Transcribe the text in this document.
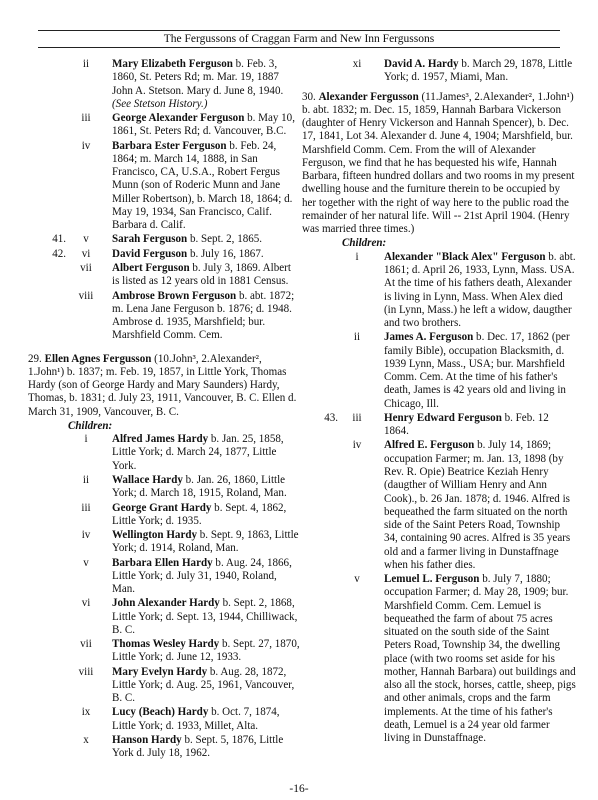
The Fergussons of Craggan Farm and New Inn Fergussons
ii	Mary Elizabeth Ferguson b. Feb. 3, 1860, St. Peters Rd; m. Mar. 19, 1887 John A. Stetson. Mary d. June 8, 1940.
(See Stetson History.)
iii	George Alexander Ferguson b. May 10, 1861, St. Peters Rd; d. Vancouver, B.C.
iv	Barbara Ester Ferguson b. Feb. 24, 1864; m. March 14, 1888, in San Francisco, CA, U.S.A., Robert Fergus Munn (son of Roderic Munn and Jane Miller Robertson), b. March 18, 1864; d. May 19, 1934, San Francisco, Calif. Barbara d. Calif.
41.	v	Sarah Ferguson b. Sept. 2, 1865.
42.	vi	David Ferguson b. July 16, 1867.
vii	Albert Ferguson b. July 3, 1869. Albert is listed as 12 years old in 1881 Census.
viii	Ambrose Brown Ferguson b. abt. 1872; m. Lena Jane Ferguson b. 1876; d. 1948. Ambrose d. 1935, Marshfield; bur. Marshfield Comm. Cem.
29. Ellen Agnes Fergusson (10.John³, 2.Alexander², 1.John¹) b. 1837; m. Feb. 19, 1857, in Little York, Thomas Hardy (son of George Hardy and Mary Saunders) Hardy, Thomas, b. 1831; d. July 23, 1911, Vancouver, B. C. Ellen d. March 31, 1909, Vancouver, B. C.
Children:
i	Alfred James Hardy b. Jan. 25, 1858, Little York; d. March 24, 1877, Little York.
ii	Wallace Hardy b. Jan. 26, 1860, Little York; d. March 18, 1915, Roland, Man.
iii	George Grant Hardy b. Sept. 4, 1862, Little York; d. 1935.
iv	Wellington Hardy b. Sept. 9, 1863, Little York; d. 1914, Roland, Man.
v	Barbara Ellen Hardy b. Aug. 24, 1866, Little York; d. July 31, 1940, Roland, Man.
vi	John Alexander Hardy b. Sept. 2, 1868, Little York; d. Sept. 13, 1944, Chilliwack, B. C.
vii	Thomas Wesley Hardy b. Sept. 27, 1870, Little York; d. June 12, 1933.
viii	Mary Evelyn Hardy b. Aug. 28, 1872, Little York; d. Aug. 25, 1961, Vancouver, B. C.
ix	Lucy (Beach) Hardy b. Oct. 7, 1874, Little York; d. 1933, Millet, Alta.
x	Hanson Hardy b. Sept. 5, 1876, Little York d. July 18, 1962.
xi	David A. Hardy b. March 29, 1878, Little York; d. 1957, Miami, Man.
30. Alexander Fergusson (11.James³, 2.Alexander², 1.John¹) b. abt. 1832; m. Dec. 15, 1859, Hannah Barbara Vickerson (daughter of Henry Vickerson and Hannah Spencer), b. Dec. 17, 1841, Lot 34. Alexander d. June 4, 1904; Marshfield, bur. Marshfield Comm. Cem. From the will of Alexander Ferguson, we find that he has bequested his wife, Hannah Barbara, fifteen hundred dollars and two rooms in my present dwelling house and the furniture therein to be occupied by her together with the right of way here to the public road the remainder of her natural life. Will -- 21st April 1904. (Henry was married three times.)
Children:
i	Alexander "Black Alex" Ferguson b. abt. 1861; d. April 26, 1933, Lynn, Mass. USA. At the time of his fathers death, Alexander is living in Lynn, Mass. When Alex died (in Lynn, Mass.) he left a widow, daugther and two brothers.
ii	James A. Ferguson b. Dec. 17, 1862 (per family Bible), occupation Blacksmith, d. 1939 Lynn, Mass., USA; bur. Marshfield Comm. Cem. At the time of his father's death, James is 42 years old and living in Chicago, Ill.
43.	iii	Henry Edward Ferguson b. Feb. 12 1864.
iv	Alfred E. Ferguson b. July 14, 1869; occupation Farmer; m. Jan. 13, 1898 (by Rev. R. Opie) Beatrice Keziah Henry (daugther of William Henry and Ann Cook)., b. 26 Jan. 1878; d. 1946. Alfred is bequeathed the farm situated on the north side of the Saint Peters Road, Township 34, containing 90 acres. Alfred is 35 years old and a farmer living in Dunstaffnage when his father dies.
v	Lemuel L. Ferguson b. July 7, 1880; occupation Farmer; d. May 28, 1909; bur. Marshfield Comm. Cem. Lemuel is bequeathed the farm of about 75 acres situated on the south side of the Saint Peters Road, Township 34, the dwelling place (with two rooms set aside for his mother, Hannah Barbara) out buildings and also all the stock, horses, cattle, sheep, pigs and other animals, crops and the farm implements. At the time of his father's death, Lemuel is a 24 year old farmer living in Dunstaffnage.
-16-
